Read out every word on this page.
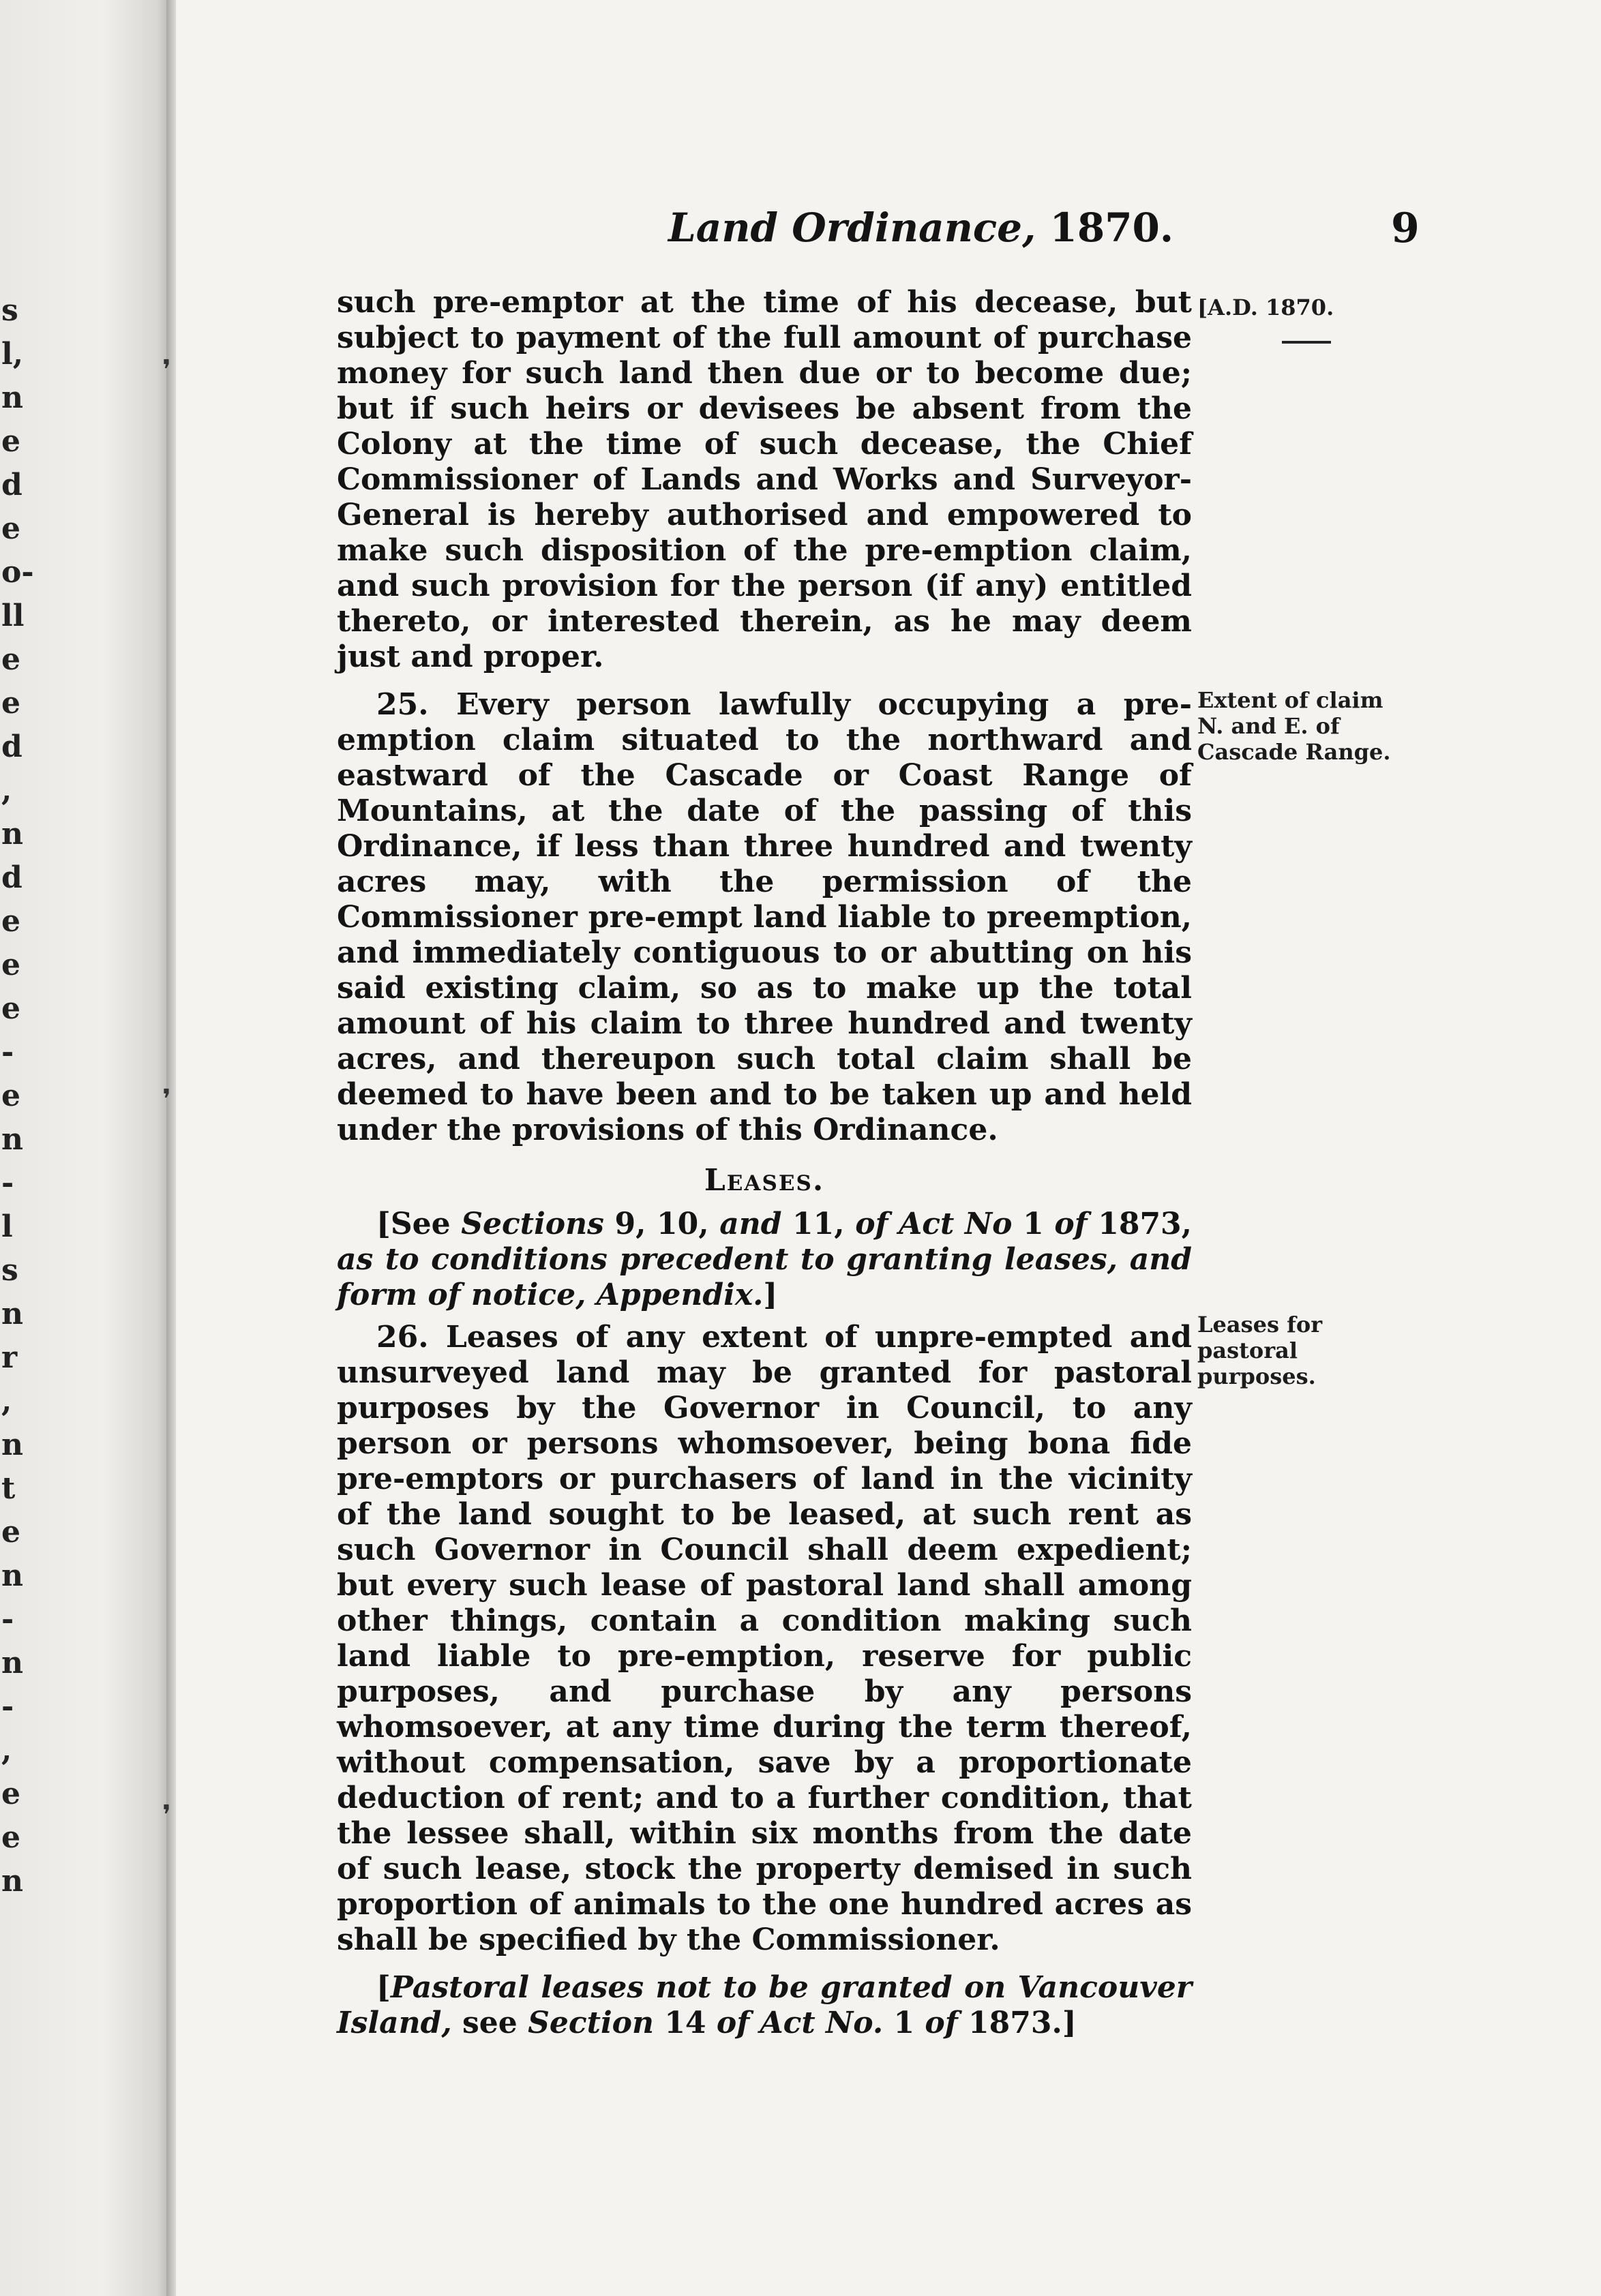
❜
❜
❜
s
l,
n
e
d
e
o-
ll
e
e
d
,
n
d
e
e
e
-
e
n
-
l
s
n
r
,
n
t
e
n
-
n
-
,
e
e
n
Land Ordinance, 1870.	9
[A.D. 1870.
Extent of claim N. and E. of Cascade Range.
Leases for pastoral purposes.

such pre-emptor at the time of his decease, but subject to payment of the full amount of purchase money for such land then due or to become due; but if such heirs or devisees be absent from the Colony at the time of such decease, the Chief Commissioner of Lands and Works and Surveyor-General is hereby authorised and empowered to make such disposition of the pre-emption claim, and such provision for the person (if any) entitled thereto, or interested therein, as he may deem just and proper.

25. Every person lawfully occupying a pre-emption claim situated to the northward and eastward of the Cascade or Coast Range of Mountains, at the date of the passing of this Ordinance, if less than three hundred and twenty acres may, with the permission of the Commissioner pre-empt land liable to preemption, and immediately contiguous to or abutting on his said existing claim, so as to make up the total amount of his claim to three hundred and twenty acres, and thereupon such total claim shall be deemed to have been and to be taken up and held under the provisions of this Ordinance.

Leases.

[See Sections 9, 10, and 11, of Act No 1 of 1873, as to conditions precedent to granting leases, and form of notice, Appendix.]

26. Leases of any extent of unpre-empted and unsurveyed land may be granted for pastoral purposes by the Governor in Council, to any person or persons whomsoever, being bona fide pre-emptors or purchasers of land in the vicinity of the land sought to be leased, at such rent as such Governor in Council shall deem expedient; but every such lease of pastoral land shall among other things, contain a condition making such land liable to pre-emption, reserve for public purposes, and purchase by any persons whomsoever, at any time during the term thereof, without compensation, save by a proportionate deduction of rent; and to a further condition, that the lessee shall, within six months from the date of such lease, stock the property demised in such proportion of animals to the one hundred acres as shall be specified by the Commissioner.

[Pastoral leases not to be granted on Vancouver Island, see Section 14 of Act No. 1 of 1873.]
